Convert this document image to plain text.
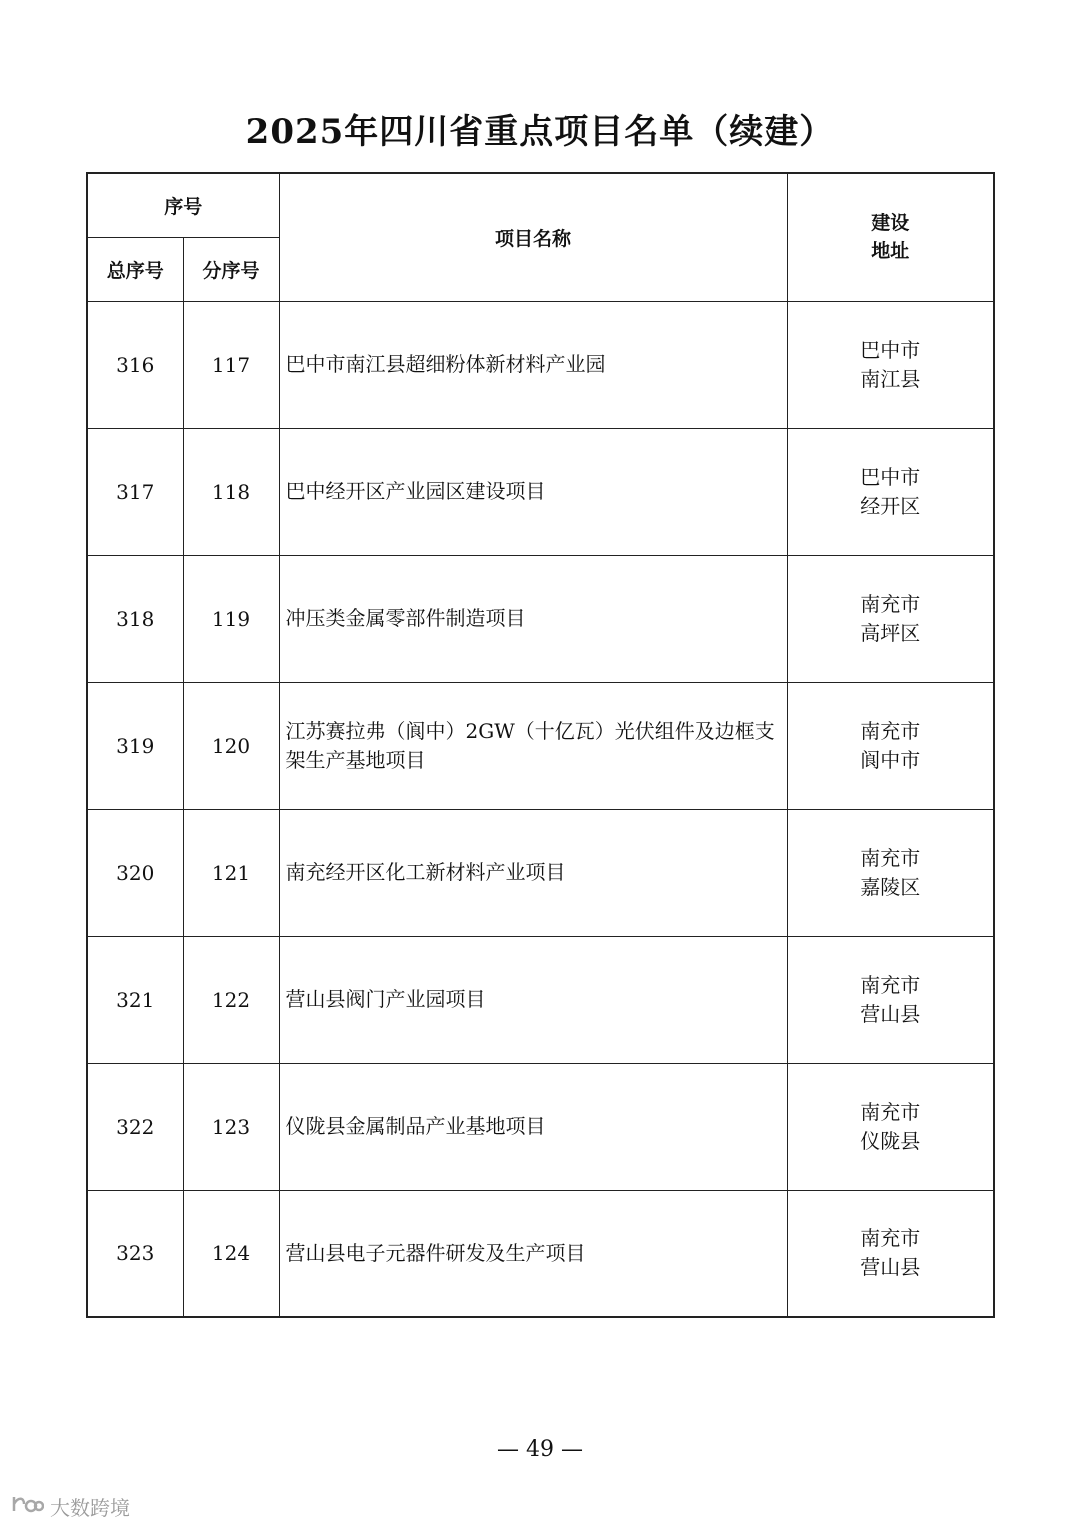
2025年四川省重点项目名单（续建）
序号		项目名称	建设地址
总序号	分序号		
316	117	巴中市南江县超细粉体新材料产业园	巴中市
南江县

317	118	巴中经开区产业园区建设项目	巴中市
经开区

318	119	冲压类金属零部件制造项目	南充市
高坪区

319	120	江苏赛拉弗（阆中）2GW（十亿瓦）光伏组件及边框支架生产基地项目	南充市
阆中市

320	121	南充经开区化工新材料产业项目	南充市
嘉陵区

321	122	营山县阀门产业园项目	南充市
营山县

322	123	仪陇县金属制品产业基地项目	南充市
仪陇县

323	124	营山县电子元器件研发及生产项目	南充市
营山县
— 49 —
大数跨境
